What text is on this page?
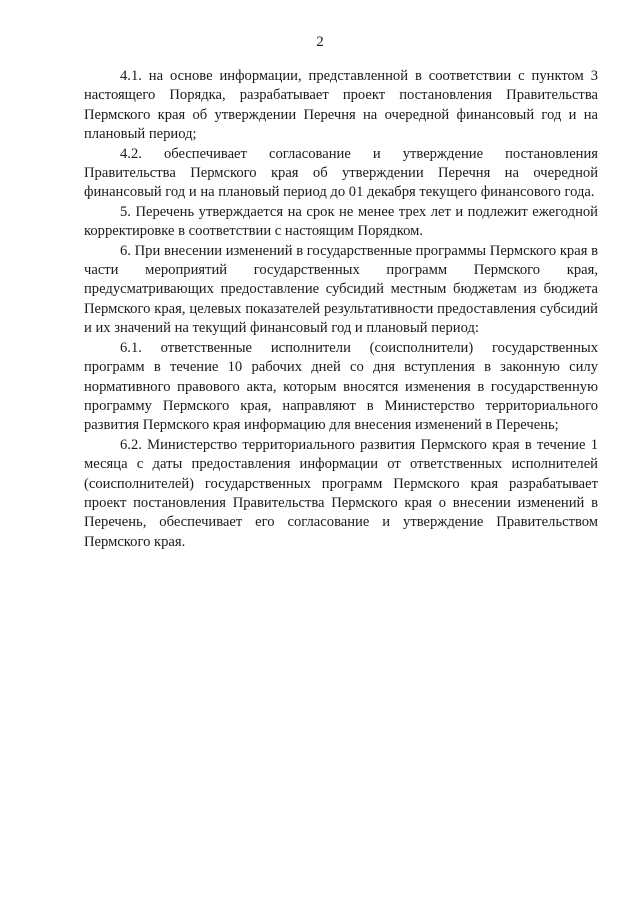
2

4.1. на основе информации, представленной в соответствии с пунктом 3 настоящего Порядка, разрабатывает проект постановления Правительства Пермского края об утверждении Перечня на очередной финансовый год и на плановый период;

4.2. обеспечивает согласование и утверждение постановления Правительства Пермского края об утверждении Перечня на очередной финансовый год и на плановый период до 01 декабря текущего финансового года.

5. Перечень утверждается на срок не менее трех лет и подлежит ежегодной корректировке в соответствии с настоящим Порядком.

6. При внесении изменений в государственные программы Пермского края в части мероприятий государственных программ Пермского края, предусматривающих предоставление субсидий местным бюджетам из бюджета Пермского края, целевых показателей результативности предоставления субсидий и их значений на текущий финансовый год и плановый период:

6.1. ответственные исполнители (соисполнители) государственных программ в течение 10 рабочих дней со дня вступления в законную силу нормативного правового акта, которым вносятся изменения в государственную программу Пермского края, направляют в Министерство территориального развития Пермского края информацию для внесения изменений в Перечень;

6.2. Министерство территориального развития Пермского края в течение 1 месяца с даты предоставления информации от ответственных исполнителей (соисполнителей) государственных программ Пермского края разрабатывает проект постановления Правительства Пермского края о внесении изменений в Перечень, обеспечивает его согласование и утверждение Правительством Пермского края.
